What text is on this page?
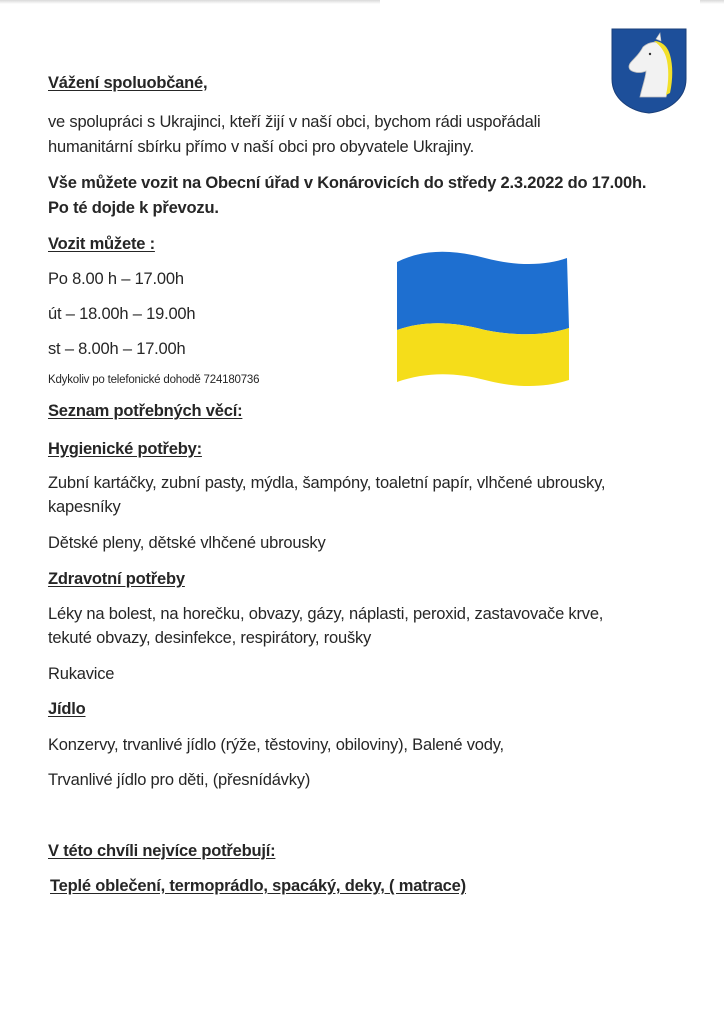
Vážení spoluobčané,
ve spolupráci s Ukrajinci, kteří žijí v naší obci, bychom rádi uspořádali
humanitární sbírku přímo v naší obci pro obyvatele Ukrajiny.
Vše můžete vozit na Obecní úřad v Konárovicích do středy 2.3.2022 do 17.00h.
Po té dojde k převozu.
Vozit můžete :
Po 8.00 h – 17.00h
út – 18.00h – 19.00h
st – 8.00h – 17.00h
Kdykoliv po telefonické dohodě 724180736
Seznam potřebných věcí:
Hygienické potřeby:
Zubní kartáčky, zubní pasty, mýdla, šampóny, toaletní papír, vlhčené ubrousky,
kapesníky
Dětské pleny, dětské vlhčené ubrousky
Zdravotní potřeby
Léky na bolest, na horečku, obvazy, gázy, náplasti, peroxid, zastavovače krve,
tekuté obvazy, desinfekce, respirátory, roušky
Rukavice
Jídlo
Konzervy, trvanlivé jídlo (rýže, těstoviny, obiloviny), Balené vody,
Trvanlivé jídlo pro děti, (přesnídávky)
V této chvíli nejvíce potřebují:
Teplé oblečení, termoprádlo, spacáký, deky, ( matrace)
